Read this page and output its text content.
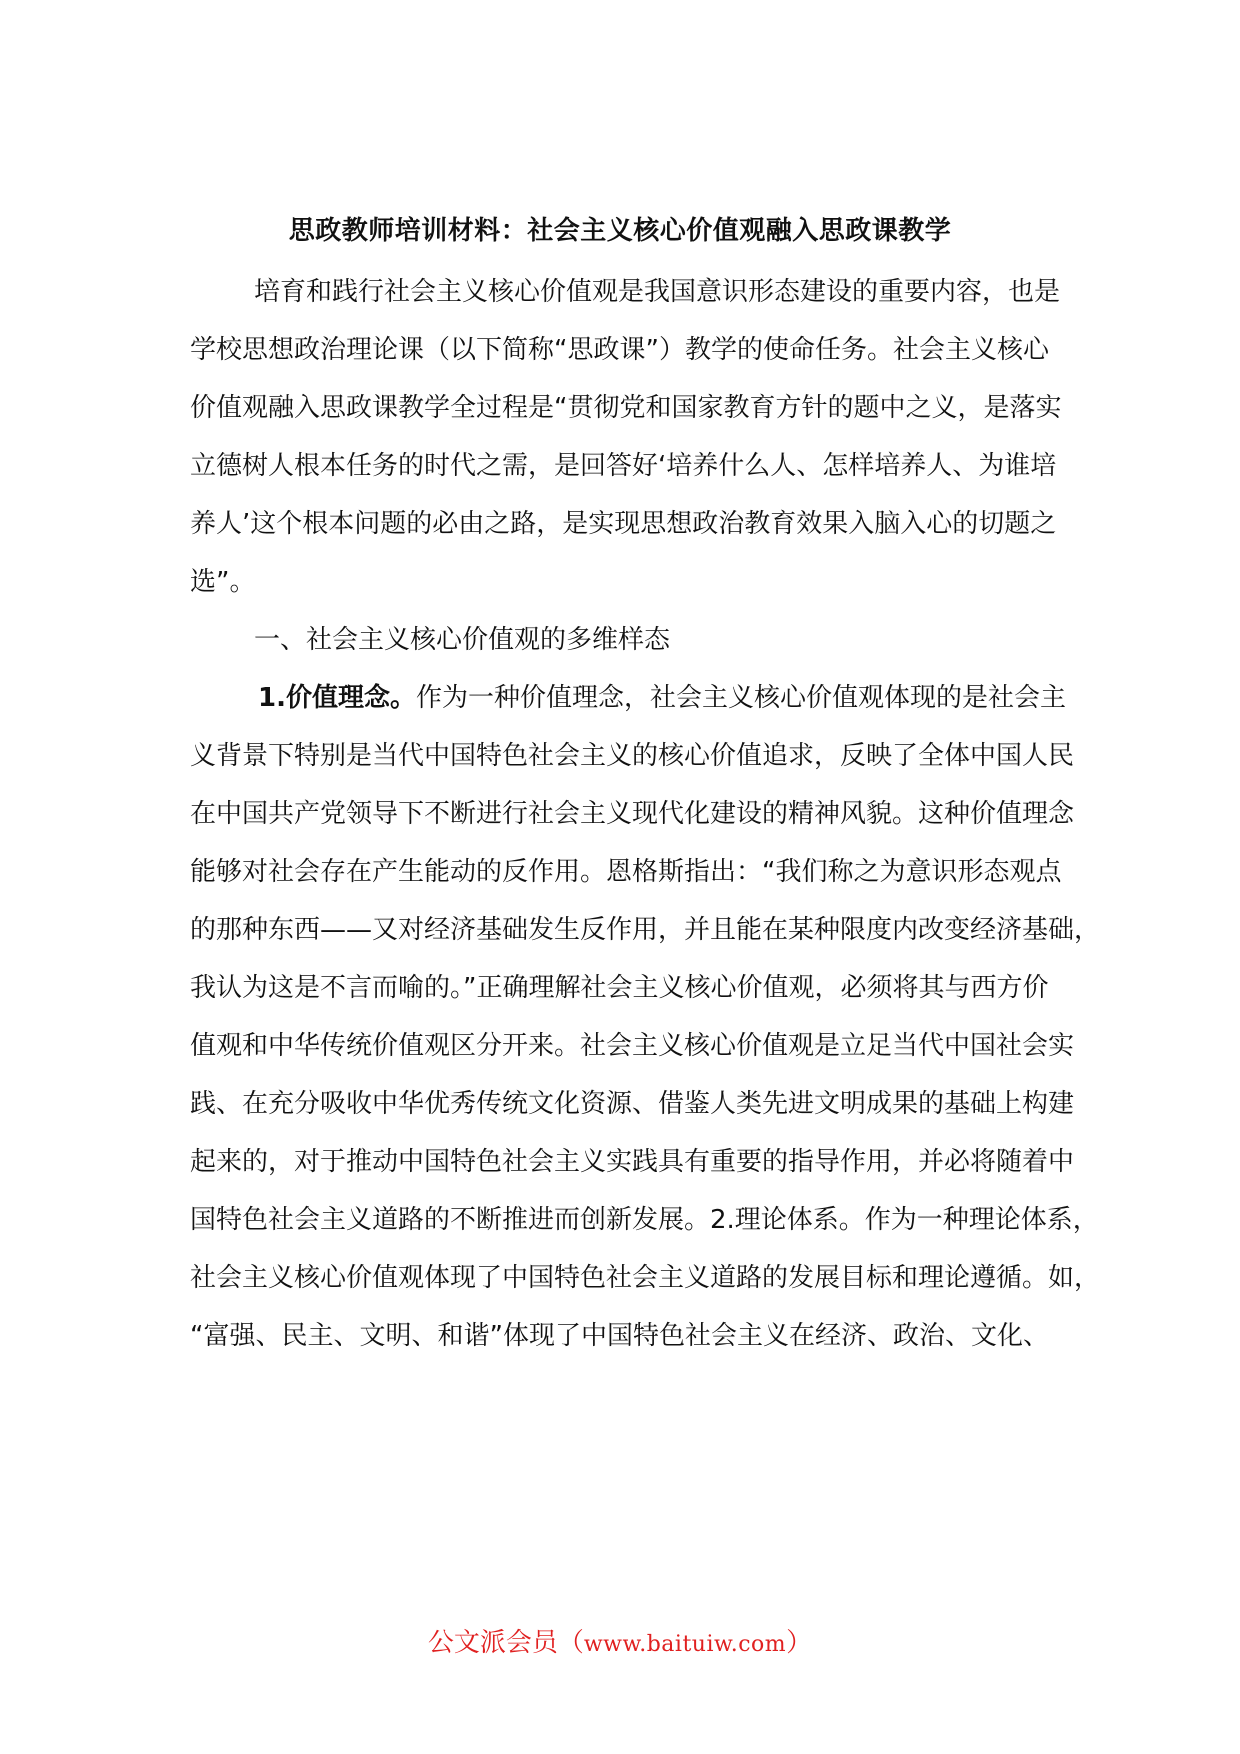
思政教师培训材料：社会主义核心价值观融入思政课教学
培育和践行社会主义核心价值观是我国意识形态建设的重要内容，也是
学校思想政治理论课（以下简称“思政课”）教学的使命任务。社会主义核心
价值观融入思政课教学全过程是“贯彻党和国家教育方针的题中之义，是落实
立德树人根本任务的时代之需，是回答好‘培养什么人、怎样培养人、为谁培
养人’这个根本问题的必由之路，是实现思想政治教育效果入脑入心的切题之
选”。
一、社会主义核心价值观的多维样态
1.价值理念。作为一种价值理念，社会主义核心价值观体现的是社会主
义背景下特别是当代中国特色社会主义的核心价值追求，反映了全体中国人民
在中国共产党领导下不断进行社会主义现代化建设的精神风貌。这种价值理念
能够对社会存在产生能动的反作用。恩格斯指出：“我们称之为意识形态观点
的那种东西——又对经济基础发生反作用，并且能在某种限度内改变经济基础，
我认为这是不言而喻的。”正确理解社会主义核心价值观，必须将其与西方价
值观和中华传统价值观区分开来。社会主义核心价值观是立足当代中国社会实
践、在充分吸收中华优秀传统文化资源、借鉴人类先进文明成果的基础上构建
起来的，对于推动中国特色社会主义实践具有重要的指导作用，并必将随着中
国特色社会主义道路的不断推进而创新发展。2.理论体系。作为一种理论体系，
社会主义核心价值观体现了中国特色社会主义道路的发展目标和理论遵循。如，
“富强、民主、文明、和谐”体现了中国特色社会主义在经济、政治、文化、
公文派会员（www.baituiw.com）
